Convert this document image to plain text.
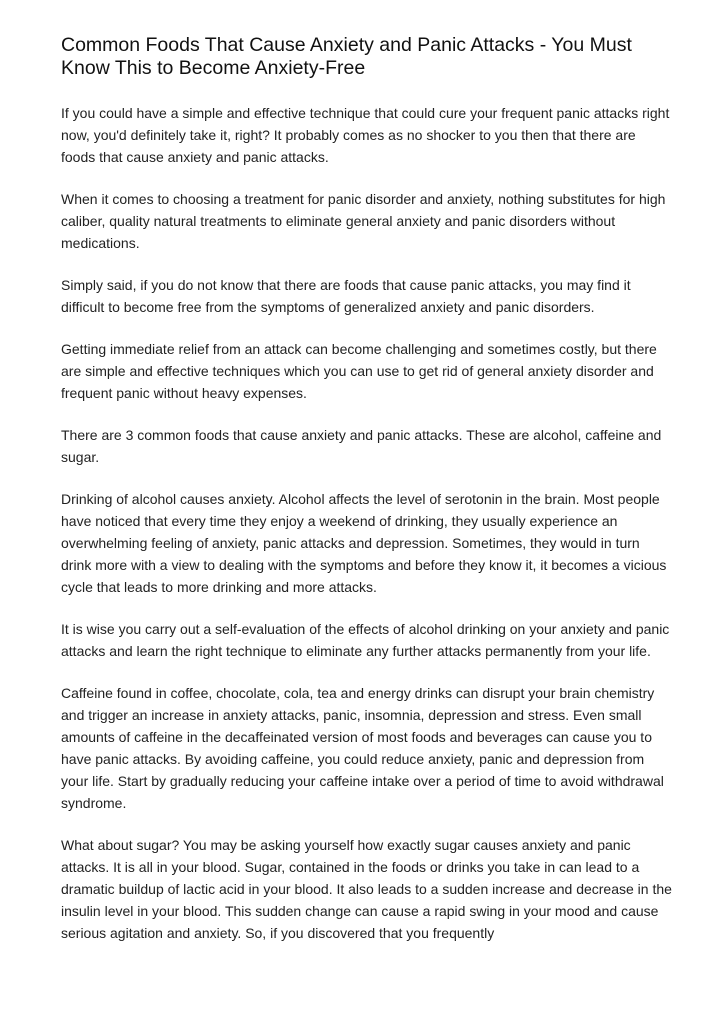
Common Foods That Cause Anxiety and Panic Attacks - You Must Know This to Become Anxiety-Free

If you could have a simple and effective technique that could cure your frequent panic attacks right now, you'd definitely take it, right? It probably comes as no shocker to you then that there are foods that cause anxiety and panic attacks.

When it comes to choosing a treatment for panic disorder and anxiety, nothing substitutes for high caliber, quality natural treatments to eliminate general anxiety and panic disorders without medications.

Simply said, if you do not know that there are foods that cause panic attacks, you may find it difficult to become free from the symptoms of generalized anxiety and panic disorders.

Getting immediate relief from an attack can become challenging and sometimes costly, but there are simple and effective techniques which you can use to get rid of general anxiety disorder and frequent panic without heavy expenses.

There are 3 common foods that cause anxiety and panic attacks. These are alcohol, caffeine and sugar.

Drinking of alcohol causes anxiety. Alcohol affects the level of serotonin in the brain. Most people have noticed that every time they enjoy a weekend of drinking, they usually experience an overwhelming feeling of anxiety, panic attacks and depression. Sometimes, they would in turn drink more with a view to dealing with the symptoms and before they know it, it becomes a vicious cycle that leads to more drinking and more attacks.

It is wise you carry out a self-evaluation of the effects of alcohol drinking on your anxiety and panic attacks and learn the right technique to eliminate any further attacks permanently from your life.

Caffeine found in coffee, chocolate, cola, tea and energy drinks can disrupt your brain chemistry and trigger an increase in anxiety attacks, panic, insomnia, depression and stress. Even small amounts of caffeine in the decaffeinated version of most foods and beverages can cause you to have panic attacks. By avoiding caffeine, you could reduce anxiety, panic and depression from your life. Start by gradually reducing your caffeine intake over a period of time to avoid withdrawal syndrome.

What about sugar? You may be asking yourself how exactly sugar causes anxiety and panic attacks. It is all in your blood. Sugar, contained in the foods or drinks you take in can lead to a dramatic buildup of lactic acid in your blood. It also leads to a sudden increase and decrease in the insulin level in your blood. This sudden change can cause a rapid swing in your mood and cause serious agitation and anxiety. So, if you discovered that you frequently
